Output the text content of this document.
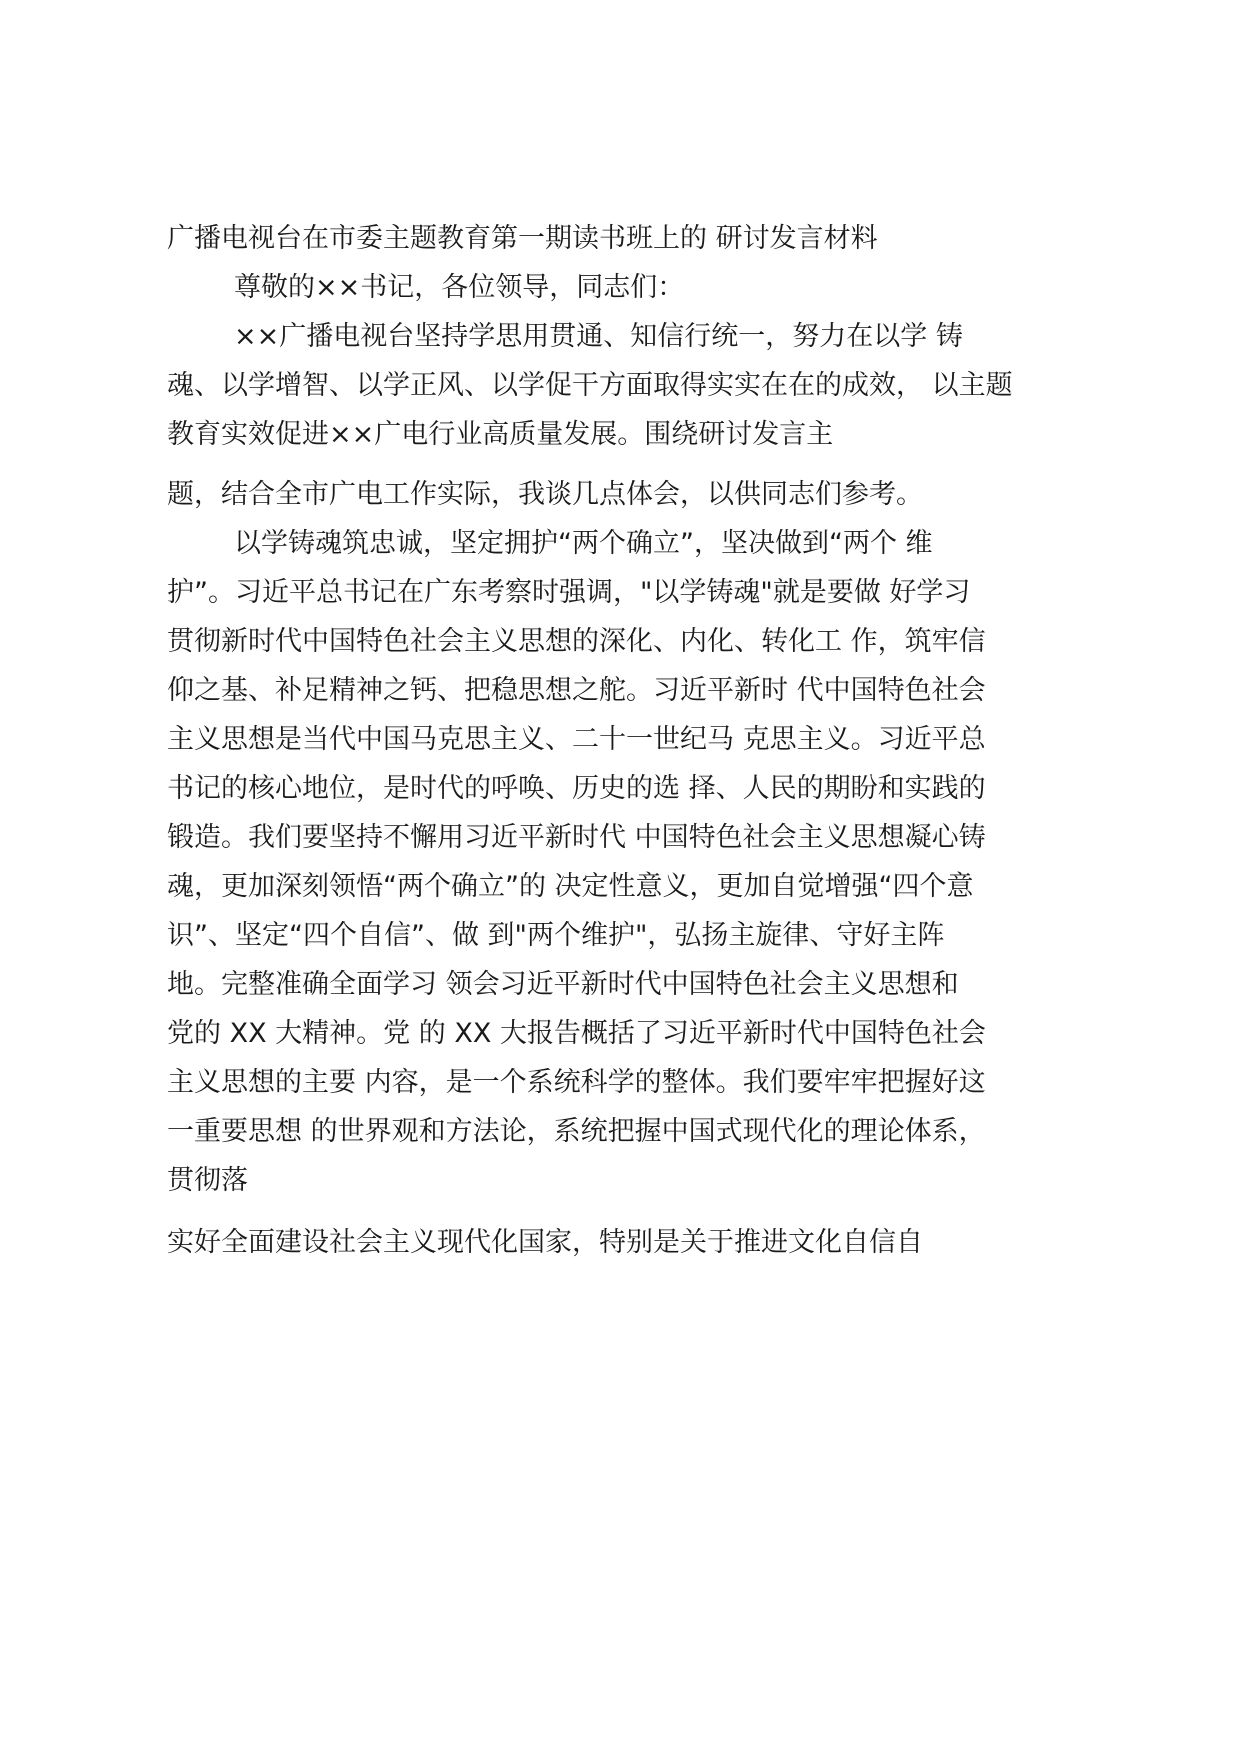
广播电视台在市委主题教育第一期读书班上的 研讨发言材料
尊敬的××书记，各位领导，同志们：
××广播电视台坚持学思用贯通、知信行统一，努力在以学 铸
魂、以学增智、以学正风、以学促干方面取得实实在在的成效， 以主题
教育实效促进××广电行业高质量发展。围绕研讨发言主
题，结合全市广电工作实际，我谈几点体会，以供同志们参考。
以学铸魂筑忠诚，坚定拥护“两个确立”，坚决做到“两个 维
护”。习近平总书记在广东考察时强调，"以学铸魂"就是要做 好学习
贯彻新时代中国特色社会主义思想的深化、内化、转化工 作，筑牢信
仰之基、补足精神之钙、把稳思想之舵。习近平新时 代中国特色社会
主义思想是当代中国马克思主义、二十一世纪马 克思主义。习近平总
书记的核心地位，是时代的呼唤、历史的选 择、人民的期盼和实践的
锻造。我们要坚持不懈用习近平新时代 中国特色社会主义思想凝心铸
魂，更加深刻领悟“两个确立”的 决定性意义，更加自觉增强“四个意
识”、坚定“四个自信”、做 到"两个维护"，弘扬主旋律、守好主阵
地。完整准确全面学习 领会习近平新时代中国特色社会主义思想和
党的 XX 大精神。党 的 XX 大报告概括了习近平新时代中国特色社会
主义思想的主要 内容，是一个系统科学的整体。我们要牢牢把握好这
一重要思想 的世界观和方法论，系统把握中国式现代化的理论体系，
贯彻落
实好全面建设社会主义现代化国家，特别是关于推进文化自信自
